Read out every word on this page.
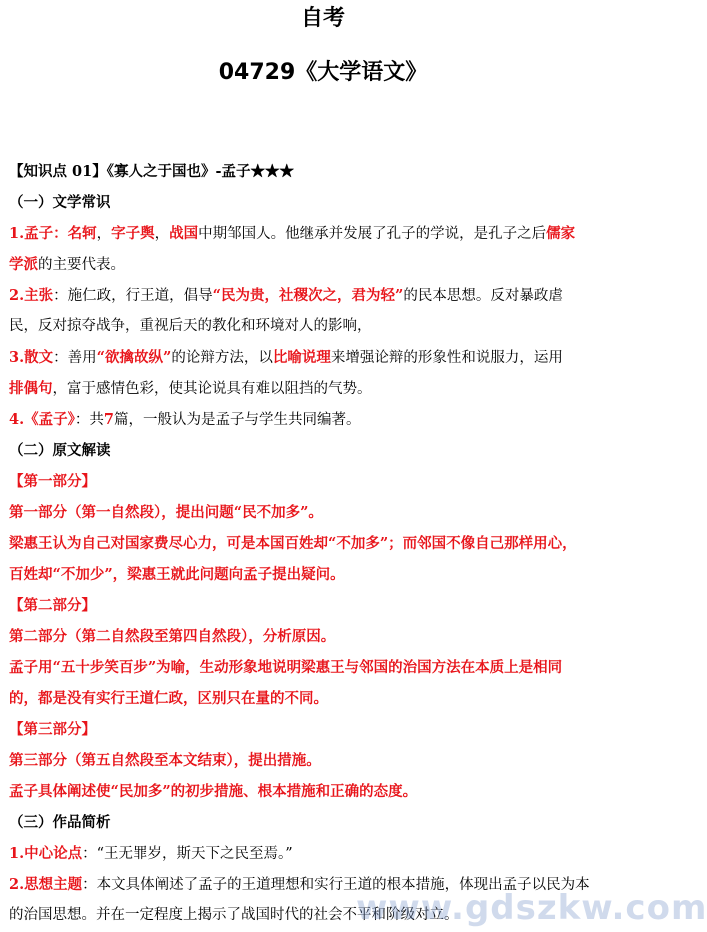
自考
04729《大学语文》
【知识点 01】《寡人之于国也》-孟子★★★
（一）文学常识
1.孟子：名轲，字子舆，战国中期邹国人。他继承并发展了孔子的学说，是孔子之后儒家
学派的主要代表。
2.主张：施仁政，行王道，倡导“民为贵，社稷次之，君为轻”的民本思想。反对暴政虐
民，反对掠夺战争，重视后天的教化和环境对人的影响，
3.散文：善用“欲擒故纵”的论辩方法，以比喻说理来增强论辩的形象性和说服力，运用
排偶句，富于感情色彩，使其论说具有难以阻挡的气势。
4.《孟子》：共7篇，一般认为是孟子与学生共同编著。
（二）原文解读
【第一部分】
第一部分（第一自然段），提出问题“民不加多”。
梁惠王认为自己对国家费尽心力，可是本国百姓却“不加多”；而邻国不像自己那样用心，
百姓却“不加少”，梁惠王就此问题向孟子提出疑问。
【第二部分】
第二部分（第二自然段至第四自然段），分析原因。
孟子用“五十步笑百步”为喻，生动形象地说明梁惠王与邻国的治国方法在本质上是相同
的，都是没有实行王道仁政，区别只在量的不同。
【第三部分】
第三部分（第五自然段至本文结束），提出措施。
孟子具体阐述使“民加多”的初步措施、根本措施和正确的态度。
（三）作品简析
1.中心论点：“王无罪岁，斯天下之民至焉。”
2.思想主题：本文具体阐述了孟子的王道理想和实行王道的根本措施，体现出孟子以民为本
的治国思想。并在一定程度上揭示了战国时代的社会不平和阶级对立。
www.gdszkw.com
